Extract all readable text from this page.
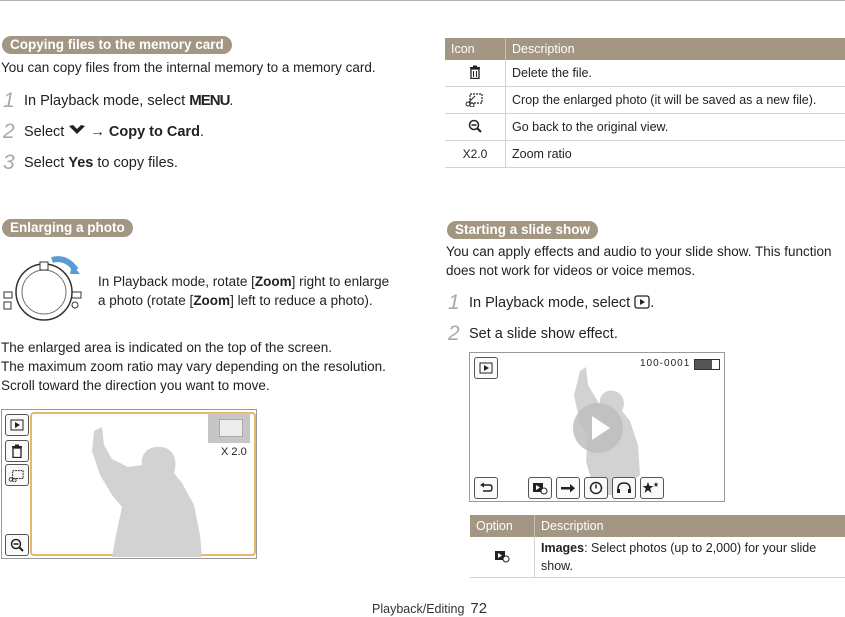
Copying files to the memory card
You can copy files from the internal memory to a memory card.
1 In Playback mode, select MENU.
2 Select  → Copy to Card.
3 Select Yes to copy files.
Icon	Description
	Delete the file.
	Crop the enlarged photo (it will be saved as a new file).
	Go back to the original view.
X2.0	Zoom ratio
Enlarging a photo
In Playback mode, rotate [Zoom] right to enlarge
a photo (rotate [Zoom] left to reduce a photo).
The enlarged area is indicated on the top of the screen.
The maximum zoom ratio may vary depending on the resolution.
Scroll toward the direction you want to move.
X 2.0
Starting a slide show
You can apply effects and audio to your slide show. This function
does not work for videos or voice memos.
1 In Playback mode, select .
2 Set a slide show effect.
100-0001
Option	Description
	Images: Select photos (up to 2,000) for your slide
show.
Playback/Editing 72
